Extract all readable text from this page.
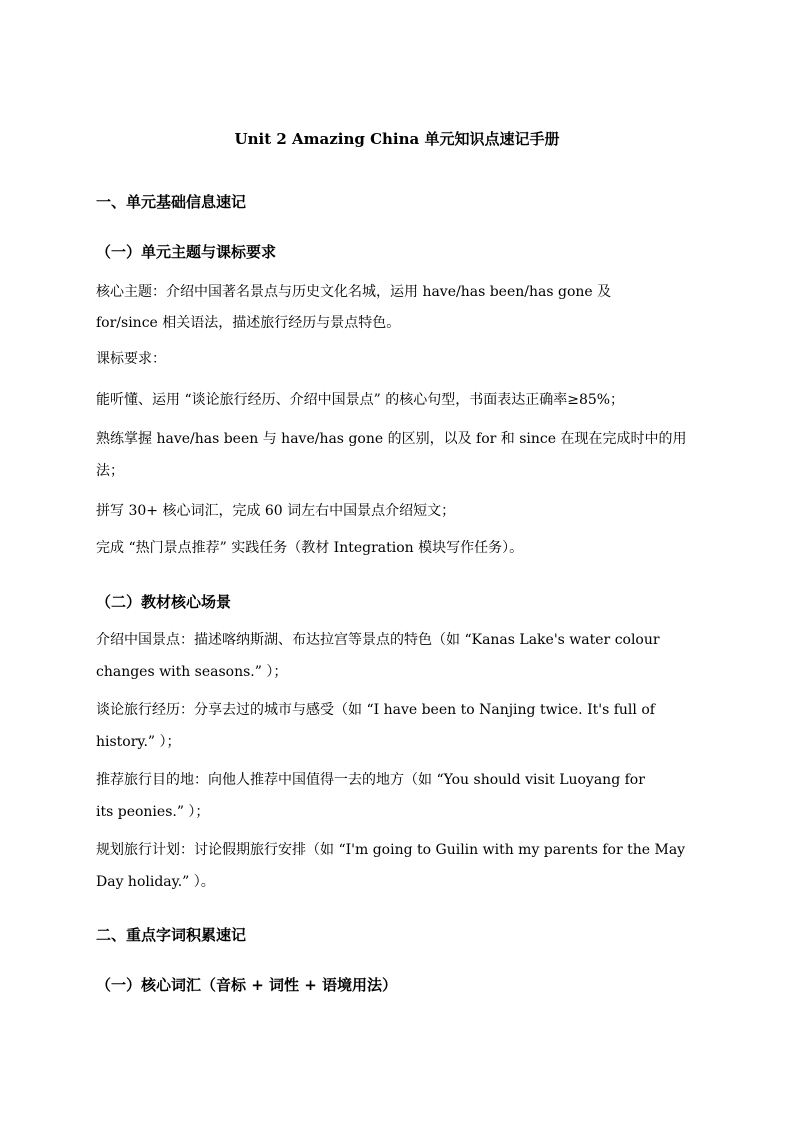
Unit 2 Amazing China 单元知识点速记手册
一、单元基础信息速记
（一）单元主题与课标要求
核心主题：介绍中国著名景点与历史文化名城，运用 have/has been/has gone 及
for/since 相关语法，描述旅行经历与景点特色。
课标要求：
能听懂、运用 “谈论旅行经历、介绍中国景点” 的核心句型，书面表达正确率≥85%；
熟练掌握 have/has been 与 have/has gone 的区别，以及 for 和 since 在现在完成时中的用
法；
拼写 30+ 核心词汇，完成 60 词左右中国景点介绍短文；
完成 “热门景点推荐” 实践任务（教材 Integration 模块写作任务）。
（二）教材核心场景
介绍中国景点：描述喀纳斯湖、布达拉宫等景点的特色（如 “Kanas Lake's water colour
changes with seasons.” ）；
谈论旅行经历：分享去过的城市与感受（如 “I have been to Nanjing twice. It's full of
history.” ）；
推荐旅行目的地：向他人推荐中国值得一去的地方（如 “You should visit Luoyang for
its peonies.” ）；
规划旅行计划：讨论假期旅行安排（如 “I'm going to Guilin with my parents for the May
Day holiday.” ）。
二、重点字词积累速记
（一）核心词汇（音标 + 词性 + 语境用法）
